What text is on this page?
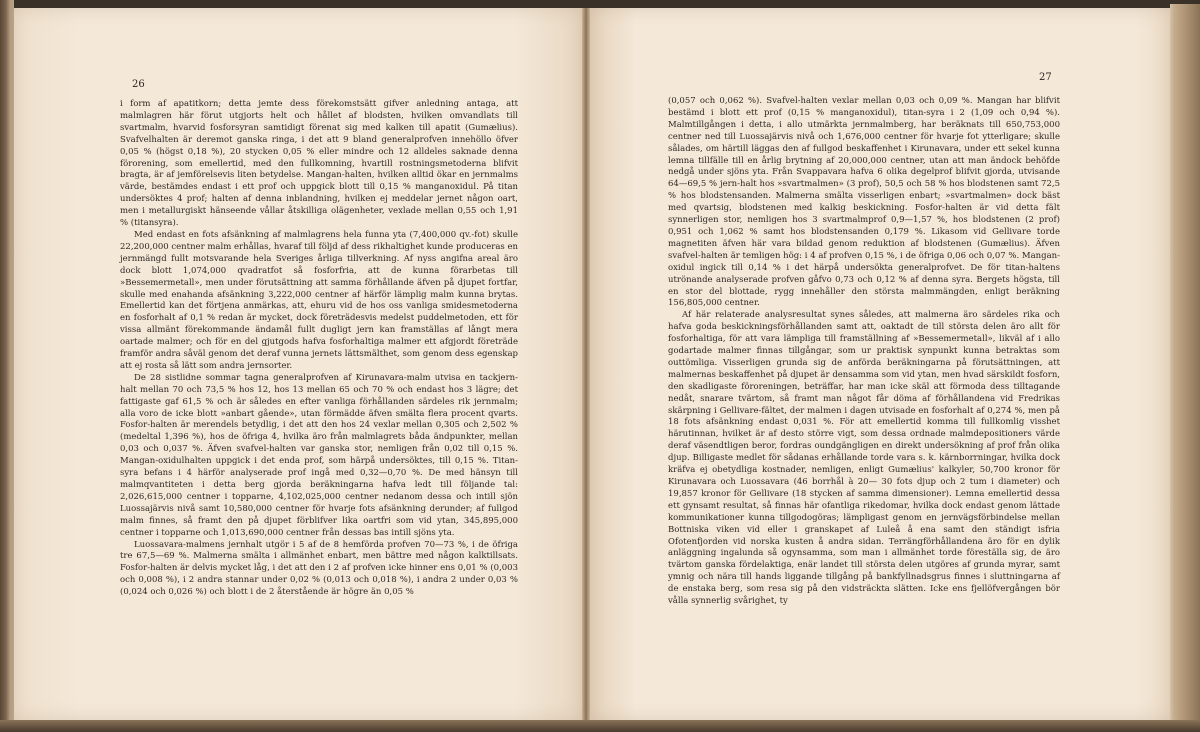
26

i form af apatitkorn; detta jemte dess förekomstsätt gifver anledning antaga, att malmlagren här förut utgjorts helt och hållet af blodsten, hvilken omvandlats till svartmalm, hvarvid fosforsyran samtidigt förenat sig med kalken till apatit (Gumælius). Svafvelhalten är deremot ganska ringa, i det att 9 bland generalprofven innehöllo öfver 0,05 % (högst 0,18 %), 20 stycken 0,05 % eller mindre och 12 alldeles saknade denna förorening, som emellertid, med den fullkomning, hvartill rostningsmetoderna blifvit bragta, är af jemförelsevis liten betydelse. Mangan-halten, hvilken alltid ökar en jernmalms värde, bestämdes endast i ett prof och uppgick blott till 0,15 % manganoxidul. På titan undersöktes 4 prof; halten af denna inblandning, hvilken ej meddelar jernet någon oart, men i metallurgiskt hänseende vållar åtskilliga olägenheter, vexlade mellan 0,55 och 1,91 % (titansyra).

Med endast en fots afsänkning af malmlagrens hela funna yta (7,400,000 qv.-fot) skulle 22,200,000 centner malm erhållas, hvaraf till följd af dess rikhaltighet kunde produceras en jernmängd fullt motsvarande hela Sveriges årliga tillverkning. Af nyss angifna areal äro dock blott 1,074,000 qvadratfot så fosforfria, att de kunna förarbetas till »Bessemermetall», men under förutsättning att samma förhållande äfven på djupet fortfar, skulle med enahanda afsänkning 3,222,000 centner af härför lämplig malm kunna brytas. Emellertid kan det förtjena anmärkas, att, ehuru vid de hos oss vanliga smidesmetoderna en fosforhalt af 0,1 % redan är mycket, dock företrädesvis medelst puddelmetoden, ett för vissa allmänt förekommande ändamål fullt dugligt jern kan framställas af långt mera oartade malmer; och för en del gjutgods hafva fosforhaltiga malmer ett afgjordt företräde framför andra såväl genom det deraf vunna jernets lättsmälthet, som genom dess egenskap att ej rosta så lätt som andra jernsorter.

De 28 sistlidne sommar tagna generalprofven af Kirunavara-malm utvisa en tackjern-halt mellan 70 och 73,5 % hos 12, hos 13 mellan 65 och 70 % och endast hos 3 lägre; det fattigaste gaf 61,5 % och är således en efter vanliga förhållanden särdeles rik jernmalm; alla voro de icke blott »anbart gående», utan förmädde äfven smälta flera procent qvarts. Fosfor-halten är merendels betydlig, i det att den hos 24 vexlar mellan 0,305 och 2,502 % (medeltal 1,396 %), hos de öfriga 4, hvilka äro från malmlagrets båda ändpunkter, mellan 0,03 och 0,037 %. Äfven svafvel-halten var ganska stor, nemligen från 0,02 till 0,15 %. Mangan-oxidulhalten uppgick i det enda prof, som härpå undersöktes, till 0,15 %. Titan-syra befans i 4 härför analyserade prof ingå med 0,32—0,70 %. De med hänsyn till malmqvantiteten i detta berg gjorda beräkningarna hafva ledt till följande tal: 2,026,615,000 centner i topparne, 4,102,025,000 centner nedanom dessa och intill sjön Luossajärvis nivå samt 10,580,000 centner för hvarje fots afsänkning derunder; af fullgod malm finnes, så framt den på djupet förblifver lika oartfri som vid ytan, 345,895,000 centner i topparne och 1,013,690,000 centner från dessas bas intill sjöns yta.

Luossavara-malmens jernhalt utgör i 5 af de 8 hemförda profven 70—73 %, i de öfriga tre 67,5—69 %. Malmerna smälta i allmänhet enbart, men bättre med någon kalktillsats. Fosfor-halten är delvis mycket låg, i det att den i 2 af profven icke hinner ens 0,01 % (0,003 och 0,008 %), i 2 andra stannar under 0,02 % (0,013 och 0,018 %), i andra 2 under 0,03 % (0,024 och 0,026 %) och blott i de 2 återstående är högre än 0,05 %

27

(0,057 och 0,062 %). Svafvel-halten vexlar mellan 0,03 och 0,09 %. Mangan har blifvit bestämd i blott ett prof (0,15 % manganoxidul), titan-syra i 2 (1,09 och 0,94 %). Malmtillgången i detta, i allo utmärkta jernmalmberg, har beräknats till 650,753,000 centner ned till Luossajärvis nivå och 1,676,000 centner för hvarje fot ytterligare; skulle sålades, om härtill läggas den af fullgod beskaffenhet i Kirunavara, under ett sekel kunna lemna tillfälle till en årlig brytning af 20,000,000 centner, utan att man ändock behöfde nedgå under sjöns yta. Från Svappavara hafva 6 olika degelprof blifvit gjorda, utvisande 64—69,5 % jern-halt hos »svartmalmen» (3 prof), 50,5 och 58 % hos blodstenen samt 72,5 % hos blodstensanden. Malmerna smälta visserligen enbart; »svartmalmen» dock bäst med qvartsig, blodstenen med kalkig beskickning. Fosfor-halten är vid detta fält synnerligen stor, nemligen hos 3 svartmalmprof 0,9—1,57 %, hos blodstenen (2 prof) 0,951 och 1,062 % samt hos blodstensanden 0,179 %. Likasom vid Gellivare torde magnetiten äfven här vara bildad genom reduktion af blodstenen (Gumælius). Äfven svafvel-halten är temligen hög: i 4 af profven 0,15 %, i de öfriga 0,06 och 0,07 %. Mangan-oxidul ingick till 0,14 % i det härpå undersökta generalprofvet. De för titan-haltens utrönande analyserade profven gåfvo 0,73 och 0,12 % af denna syra. Bergets högsta, till en stor del blottade, rygg innehåller den största malmmängden, enligt beräkning 156,805,000 centner.

Af här relaterade analysresultat synes således, att malmerna äro särdeles rika och hafva goda beskickningsförhållanden samt att, oaktadt de till största delen äro allt för fosforhaltiga, för att vara lämpliga till framställning af »Bessemermetall», likväl af i allo godartade malmer finnas tillgångar, som ur praktisk synpunkt kunna betraktas som outtömliga. Visserligen grunda sig de anförda beräkningarna på förutsättningen, att malmernas beskaffenhet på djupet är densamma som vid ytan, men hvad särskildt fosforn, den skadligaste föroreningen, beträffar, har man icke skäl att förmoda dess tilltagande nedåt, snarare tvärtom, så framt man något får döma af förhållandena vid Fredrikas skärpning i Gellivare-fältet, der malmen i dagen utvisade en fosforhalt af 0,274 %, men på 18 fots afsänkning endast 0,031 %. För att emellertid komma till fullkomlig visshet härutinnan, hvilket är af desto större vigt, som dessa ordnade malmdepositioners värde deraf väsendtligen beror, fordras oundgängligen en direkt undersökning af prof från olika djup. Billigaste medlet för sådanas erhållande torde vara s. k. kärnborrningar, hvilka dock kräfva ej obetydliga kostnader, nemligen, enligt Gumælius' kalkyler, 50,700 kronor för Kirunavara och Luossavara (46 borrhål à 20— 30 fots djup och 2 tum i diameter) och 19,857 kronor för Gellivare (18 stycken af samma dimensioner). Lemna emellertid dessa ett gynsamt resultat, så finnas här ofantliga rikedomar, hvilka dock endast genom lättade kommunikationer kunna tillgodogöras; lämpligast genom en jernvägsförbindelse mellan Bottniska viken vid eller i granskapet af Luleå å ena samt den ständigt isfria Ofotenfjorden vid norska kusten å andra sidan. Terrängförhållandena äro för en dylik anläggning ingalunda så ogynsamma, som man i allmänhet torde föreställa sig, de äro tvärtom ganska fördelaktiga, enär landet till största delen utgöres af grunda myrar, samt ymnig och nära till hands liggande tillgång på bankfyllnadsgrus finnes i sluttningarna af de enstaka berg, som resa sig på den vidsträckta slätten. Icke ens fjellöfvergången bör vålla synnerlig svårighet, ty
